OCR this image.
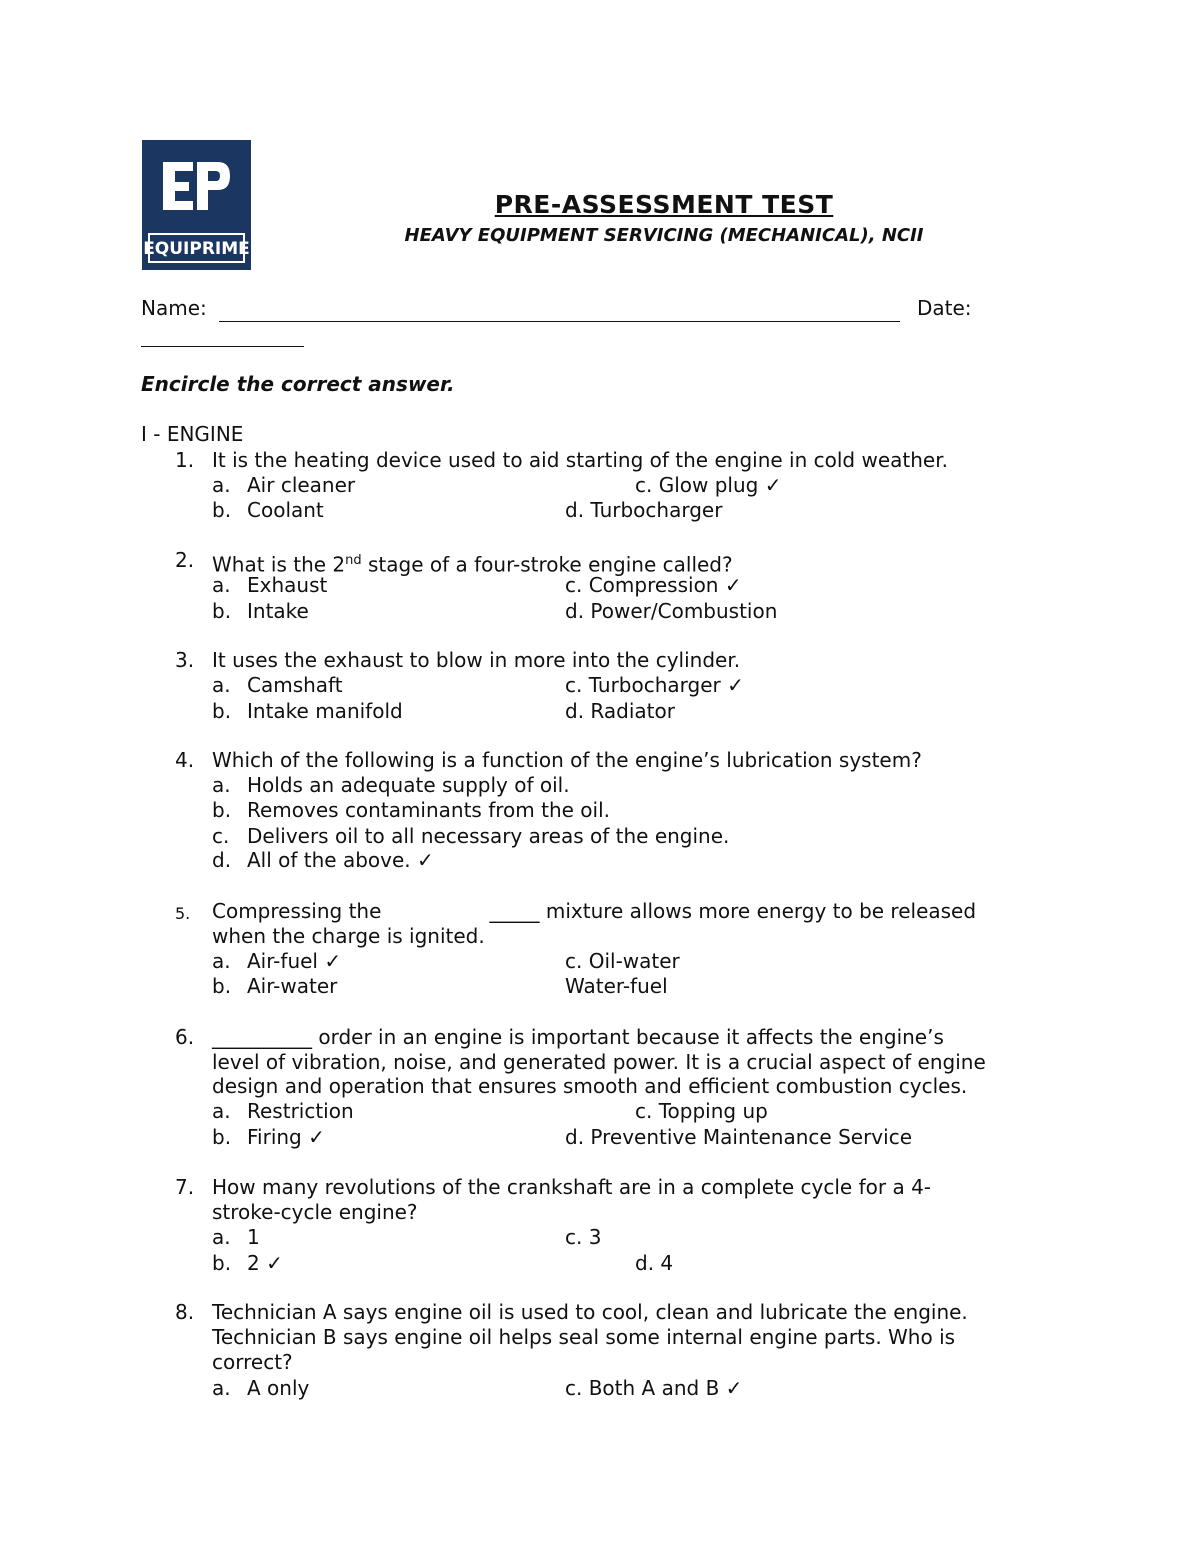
EQUIPRIME
PRE-ASSESSMENT TEST
HEAVY EQUIPMENT SERVICING (MECHANICAL), NCII
Name:	Date:
Encircle the correct answer.
I - ENGINE
1. It is the heating device used to aid starting of the engine in cold weather.
a. Air cleaner	c. Glow plug ✓
b. Coolant	d. Turbocharger
2. What is the 2nd stage of a four-stroke engine called?
a. Exhaust	c. Compression ✓
b. Intake	d. Power/Combustion
3. It uses the exhaust to blow in more into the cylinder.
a. Camshaft	c. Turbocharger ✓
b. Intake manifold	d. Radiator
4. Which of the following is a function of the engine’s lubrication system?
a. Holds an adequate supply of oil.
b. Removes contaminants from the oil.
c. Delivers oil to all necessary areas of the engine.
d. All of the above. ✓
5. Compressing the                 _____ mixture allows more energy to be released
when the charge is ignited.
a. Air-fuel ✓	c. Oil-water
b. Air-water	Water-fuel
6. __________ order in an engine is important because it affects the engine’s
level of vibration, noise, and generated power. It is a crucial aspect of engine
design and operation that ensures smooth and efficient combustion cycles.
a. Restriction	c. Topping up
b. Firing ✓	d. Preventive Maintenance Service
7. How many revolutions of the crankshaft are in a complete cycle for a 4-
stroke-cycle engine?
a. 1	c. 3
b. 2 ✓	d. 4
8. Technician A says engine oil is used to cool, clean and lubricate the engine.
Technician B says engine oil helps seal some internal engine parts. Who is
correct?
a. A only	c. Both A and B ✓
